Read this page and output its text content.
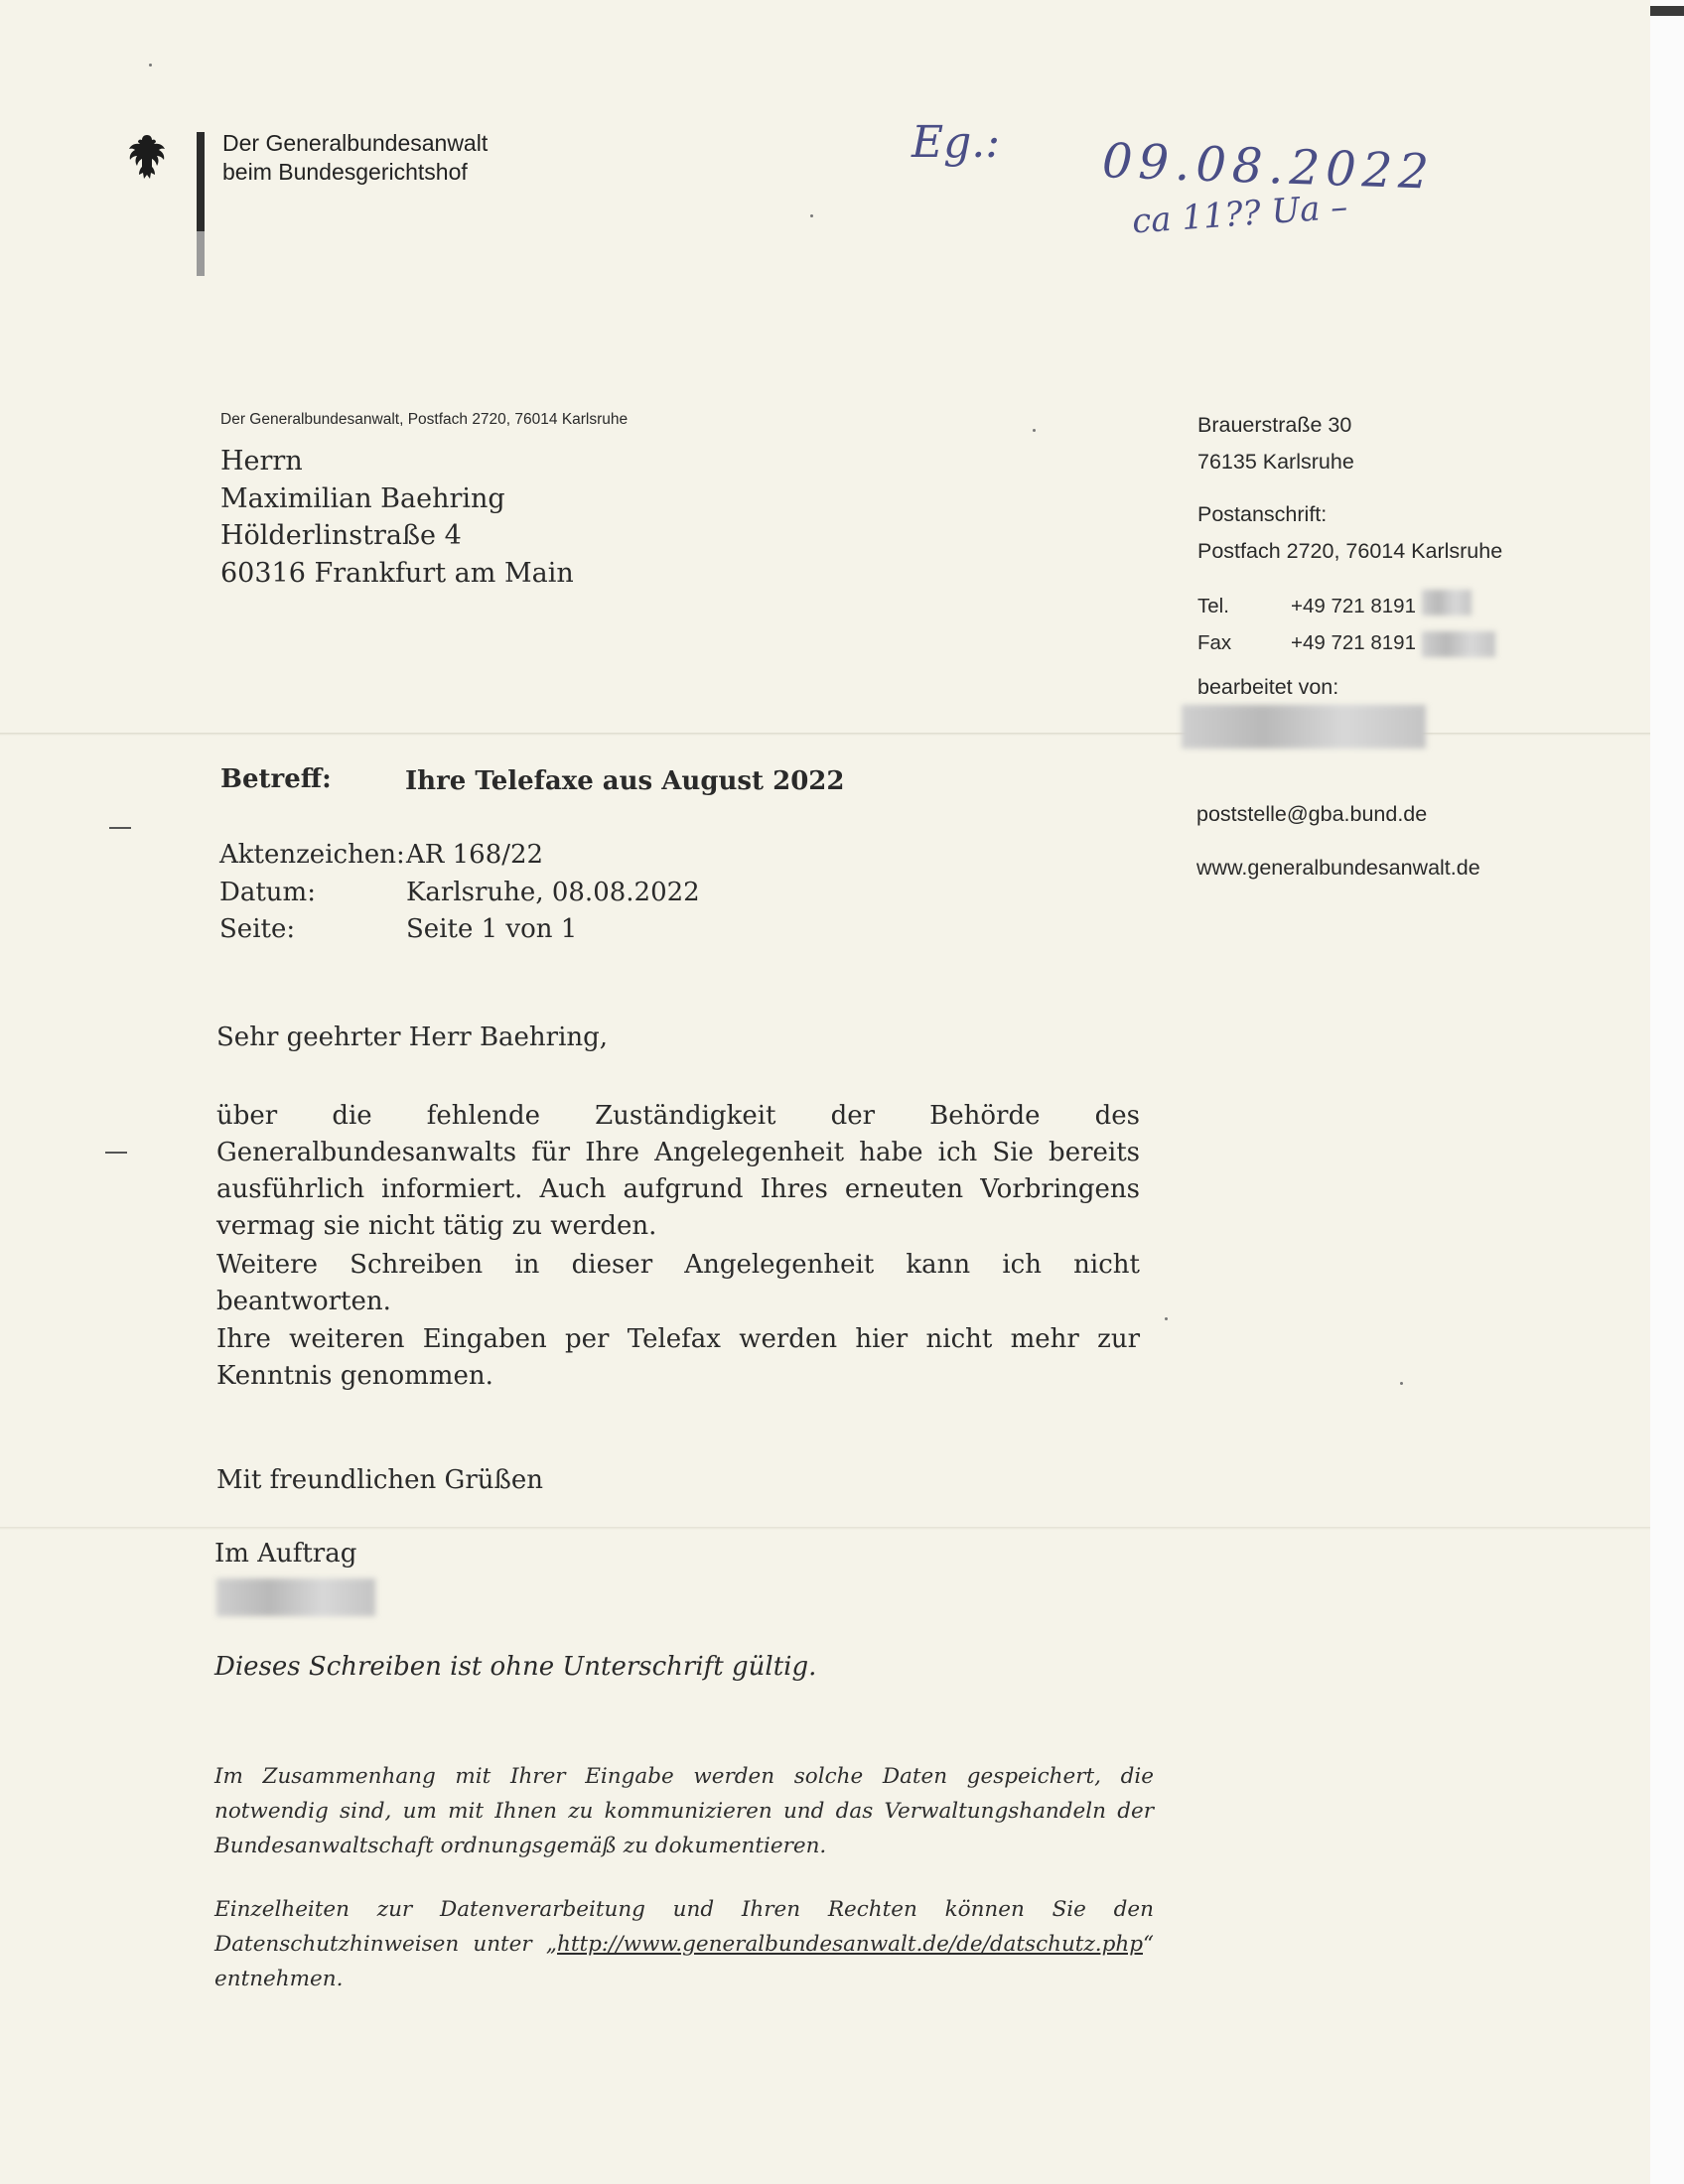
Der Generalbundesanwalt
beim Bundesgerichtshof
Eg.: 09.08.2022
ca 11?? Ua –
Der Generalbundesanwalt, Postfach 2720, 76014 Karlsruhe
Herrn
Maximilian Baehring
Hölderlinstraße 4
60316 Frankfurt am Main
Brauerstraße 30
76135 Karlsruhe
Postanschrift:
Postfach 2720, 76014 Karlsruhe
Tel.
Fax
+49 721 8191
+49 721 8191
bearbeitet von:
poststelle@gba.bund.de
www.generalbundesanwalt.de
Betreff:	Ihre Telefaxe aus August 2022
Aktenzeichen:
Datum:
Seite:
AR 168/22
Karlsruhe, 08.08.2022
Seite 1 von 1
Sehr geehrter Herr Baehring,
über die fehlende Zuständigkeit der Behörde des Generalbundesanwalts für Ihre Angelegenheit habe ich Sie bereits ausführlich informiert. Auch aufgrund Ihres erneuten Vorbringens vermag sie nicht tätig zu werden.
Weitere Schreiben in dieser Angelegenheit kann ich nicht beantworten.
Ihre weiteren Eingaben per Telefax werden hier nicht mehr zur Kenntnis genommen.
Mit freundlichen Grüßen
Im Auftrag
Dieses Schreiben ist ohne Unterschrift gültig.
Im Zusammenhang mit Ihrer Eingabe werden solche Daten gespeichert, die notwendig sind, um mit Ihnen zu kommunizieren und das Verwaltungshandeln der Bundesanwaltschaft ordnungsgemäß zu dokumentieren.
Einzelheiten zur Datenverarbeitung und Ihren Rechten können Sie den Datenschutzhinweisen unter „http://www.generalbundesanwalt.de/de/datschutz.php“ entnehmen.
